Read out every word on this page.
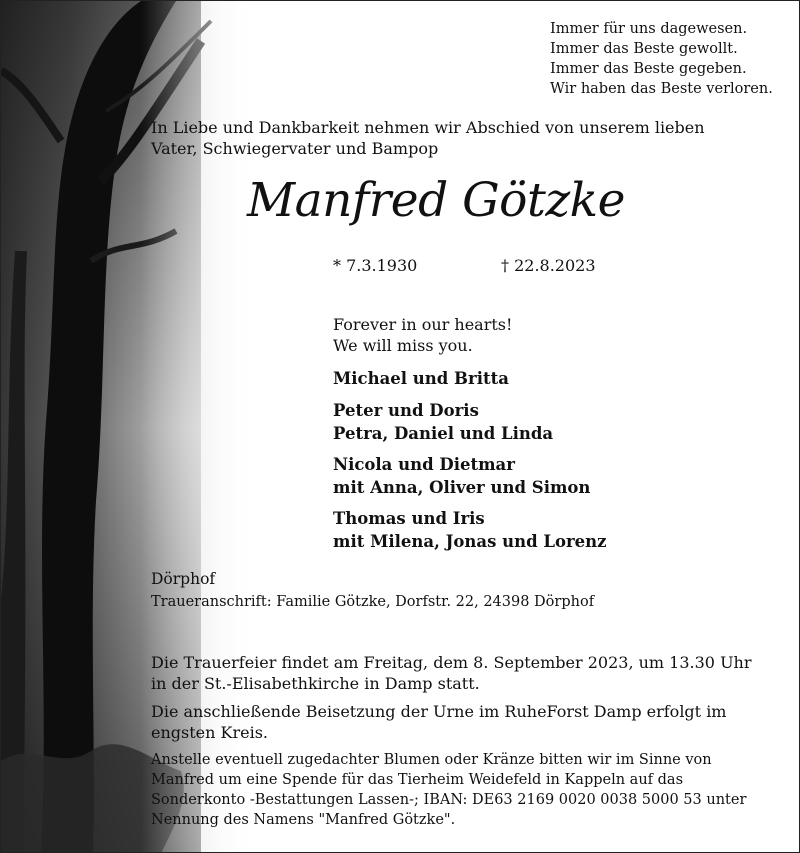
Immer für uns dagewesen.
Immer das Beste gewollt.
Immer das Beste gegeben.
Wir haben das Beste verloren.
In Liebe und Dankbarkeit nehmen wir Abschied von unserem lieben
Vater, Schwiegervater und Bampop
Manfred Götzke
* 7.3.1930	† 22.8.2023
Forever in our hearts!
We will miss you.
Michael und Britta
Peter und Doris
Petra, Daniel und Linda
Nicola und Dietmar
mit Anna, Oliver und Simon
Thomas und Iris
mit Milena, Jonas und Lorenz
Dörphof
Traueranschrift: Familie Götzke, Dorfstr. 22, 24398 Dörphof
Die Trauerfeier findet am Freitag, dem 8. September 2023, um 13.30 Uhr
in der St.-Elisabethkirche in Damp statt.
Die anschließende Beisetzung der Urne im RuheForst Damp erfolgt im
engsten Kreis.
Anstelle eventuell zugedachter Blumen oder Kränze bitten wir im Sinne von
Manfred um eine Spende für das Tierheim Weidefeld in Kappeln auf das
Sonderkonto -Bestattungen Lassen-; IBAN: DE63 2169 0020 0038 5000 53 unter
Nennung des Namens "Manfred Götzke".
